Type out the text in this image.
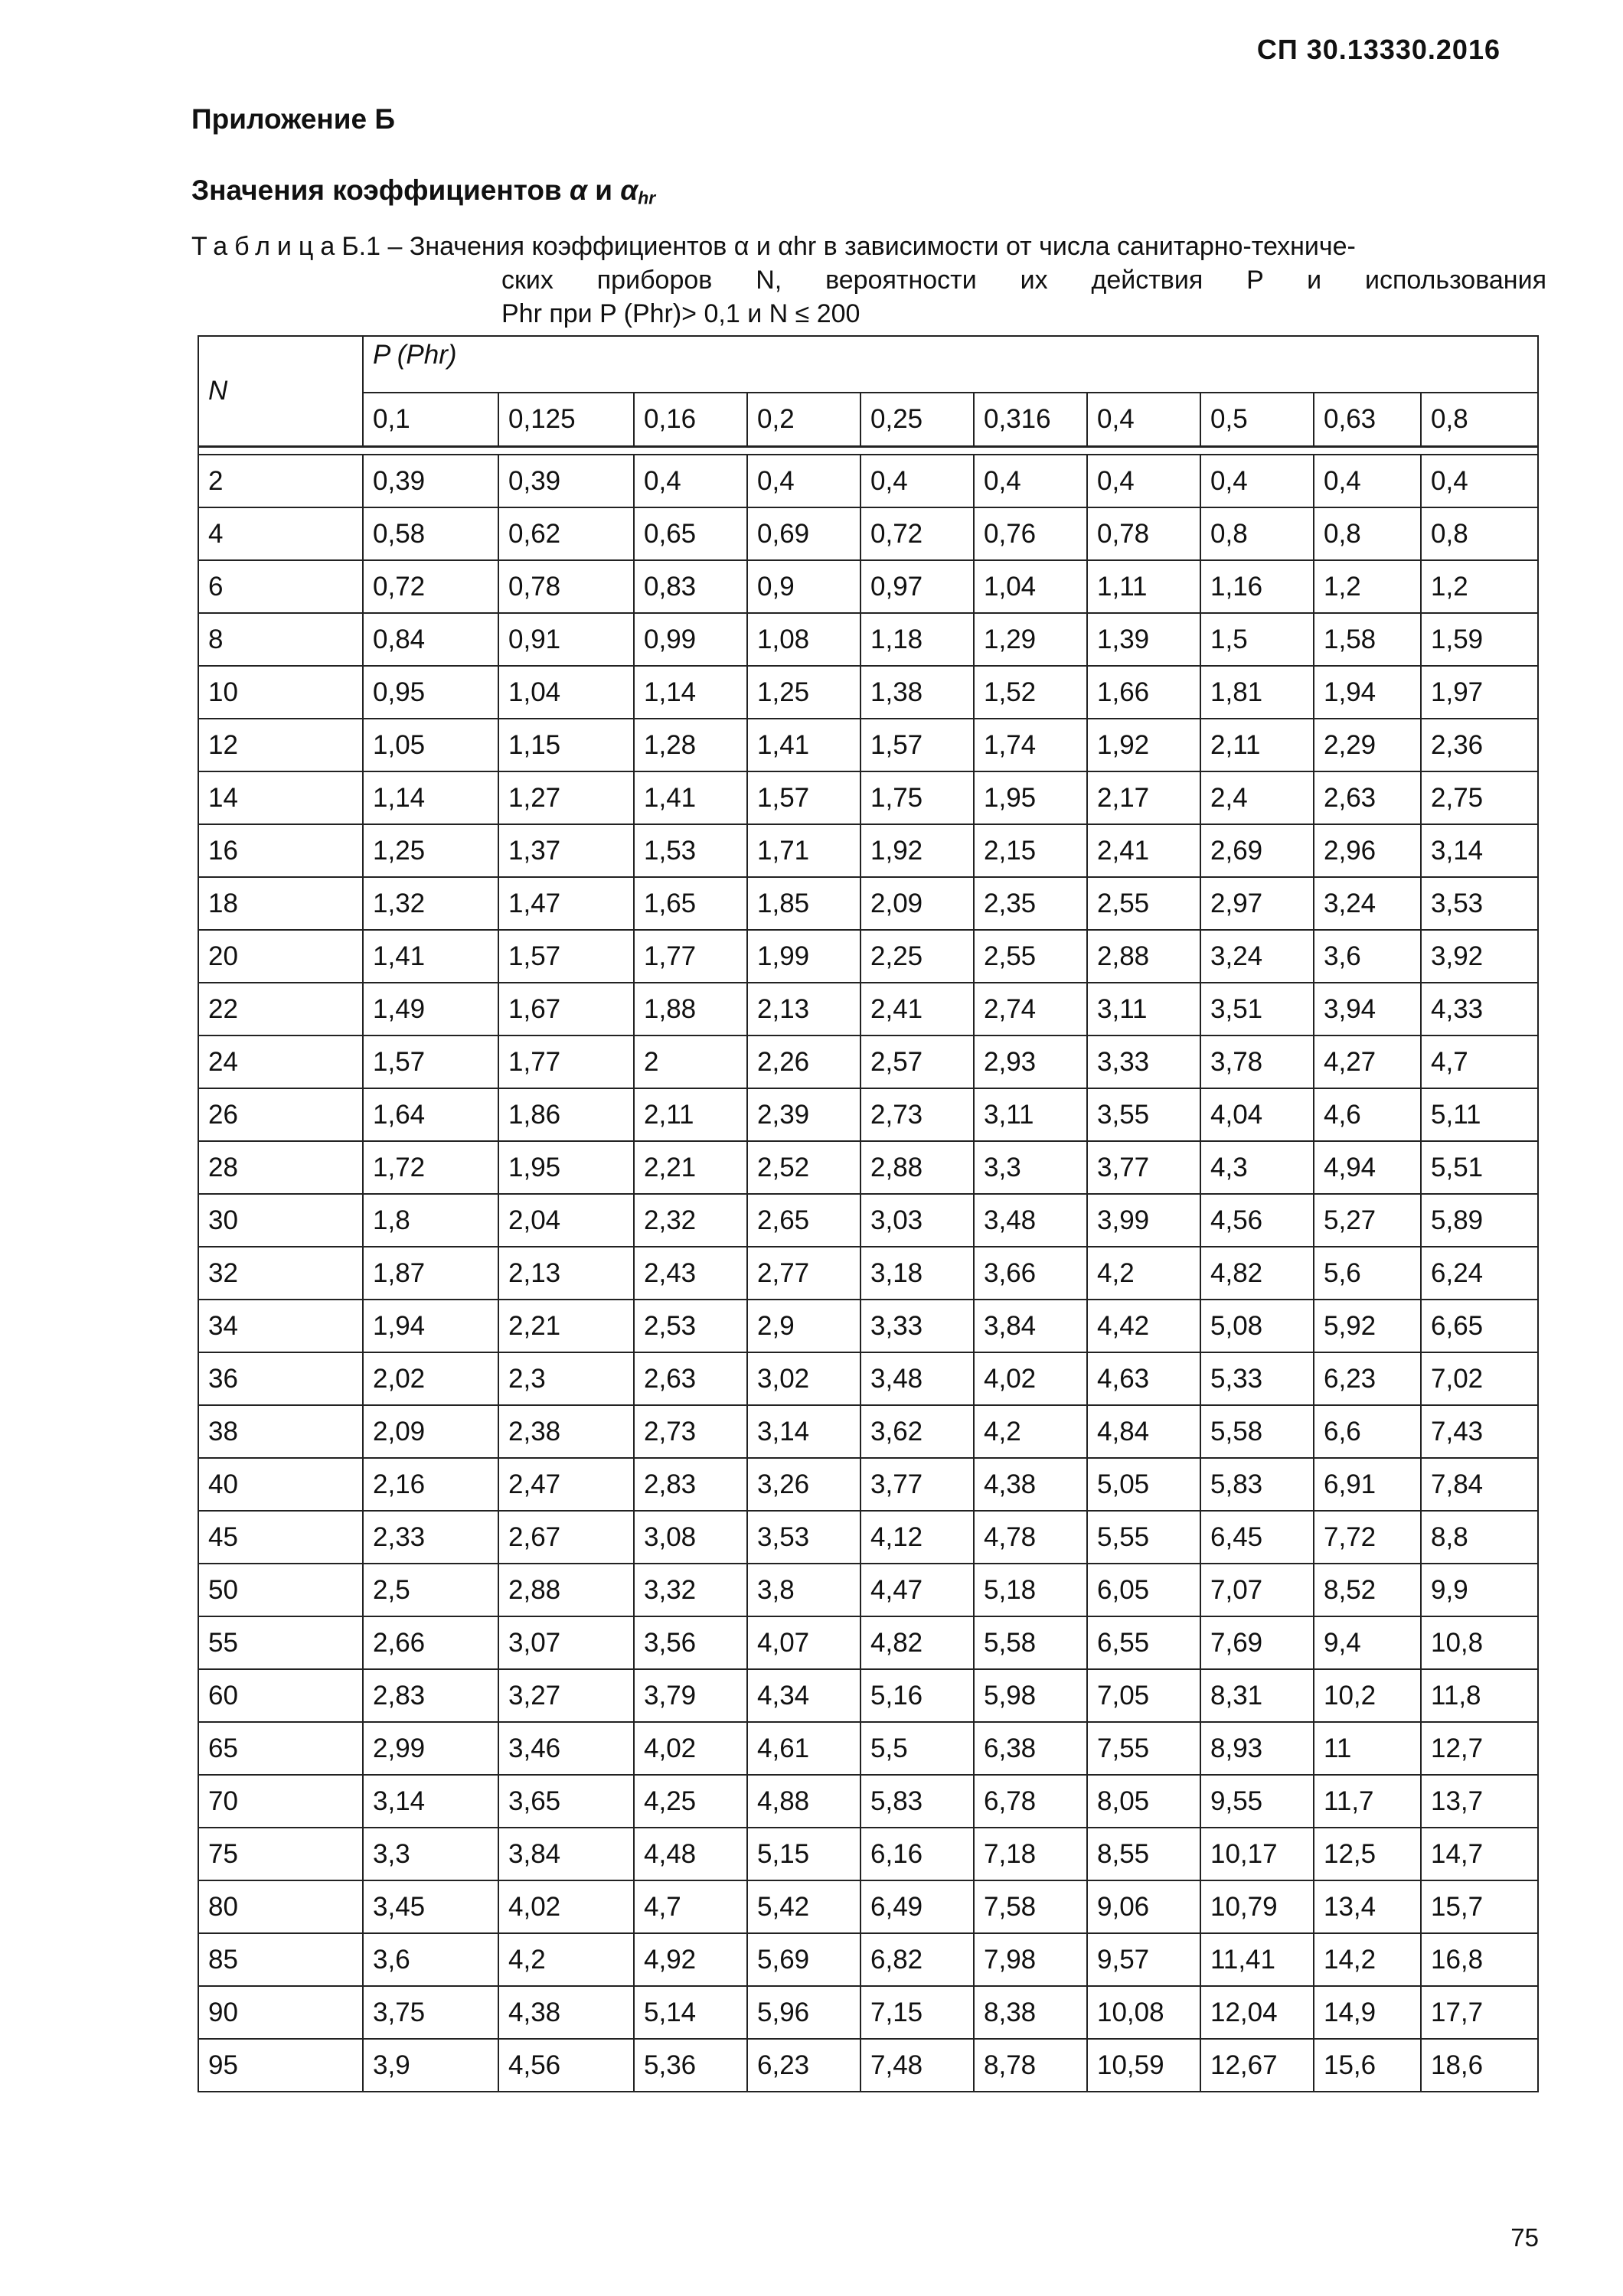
СП 30.13330.2016
Приложение Б
Значения коэффициентов α и $\alpha_{hr}$
ТаблицаБ.1 – Значения коэффициентов α и αhr в зависимости от числа санитарно-техниче-
ских приборов N, вероятности их действия P и использования
Phr при P (Phr)> 0,1 и N ≤ 200
N	P (Phr)									
	0,1	0,125	0,16	0,2	0,25	0,316	0,4	0,5	0,63	0,8

2	0,39	0,39	0,4	0,4	0,4	0,4	0,4	0,4	0,4	0,4
4	0,58	0,62	0,65	0,69	0,72	0,76	0,78	0,8	0,8	0,8
6	0,72	0,78	0,83	0,9	0,97	1,04	1,11	1,16	1,2	1,2
8	0,84	0,91	0,99	1,08	1,18	1,29	1,39	1,5	1,58	1,59
10	0,95	1,04	1,14	1,25	1,38	1,52	1,66	1,81	1,94	1,97
12	1,05	1,15	1,28	1,41	1,57	1,74	1,92	2,11	2,29	2,36
14	1,14	1,27	1,41	1,57	1,75	1,95	2,17	2,4	2,63	2,75
16	1,25	1,37	1,53	1,71	1,92	2,15	2,41	2,69	2,96	3,14
18	1,32	1,47	1,65	1,85	2,09	2,35	2,55	2,97	3,24	3,53
20	1,41	1,57	1,77	1,99	2,25	2,55	2,88	3,24	3,6	3,92
22	1,49	1,67	1,88	2,13	2,41	2,74	3,11	3,51	3,94	4,33
24	1,57	1,77	2	2,26	2,57	2,93	3,33	3,78	4,27	4,7
26	1,64	1,86	2,11	2,39	2,73	3,11	3,55	4,04	4,6	5,11
28	1,72	1,95	2,21	2,52	2,88	3,3	3,77	4,3	4,94	5,51
30	1,8	2,04	2,32	2,65	3,03	3,48	3,99	4,56	5,27	5,89
32	1,87	2,13	2,43	2,77	3,18	3,66	4,2	4,82	5,6	6,24
34	1,94	2,21	2,53	2,9	3,33	3,84	4,42	5,08	5,92	6,65
36	2,02	2,3	2,63	3,02	3,48	4,02	4,63	5,33	6,23	7,02
38	2,09	2,38	2,73	3,14	3,62	4,2	4,84	5,58	6,6	7,43
40	2,16	2,47	2,83	3,26	3,77	4,38	5,05	5,83	6,91	7,84
45	2,33	2,67	3,08	3,53	4,12	4,78	5,55	6,45	7,72	8,8
50	2,5	2,88	3,32	3,8	4,47	5,18	6,05	7,07	8,52	9,9
55	2,66	3,07	3,56	4,07	4,82	5,58	6,55	7,69	9,4	10,8
60	2,83	3,27	3,79	4,34	5,16	5,98	7,05	8,31	10,2	11,8
65	2,99	3,46	4,02	4,61	5,5	6,38	7,55	8,93	11	12,7
70	3,14	3,65	4,25	4,88	5,83	6,78	8,05	9,55	11,7	13,7
75	3,3	3,84	4,48	5,15	6,16	7,18	8,55	10,17	12,5	14,7
80	3,45	4,02	4,7	5,42	6,49	7,58	9,06	10,79	13,4	15,7
85	3,6	4,2	4,92	5,69	6,82	7,98	9,57	11,41	14,2	16,8
90	3,75	4,38	5,14	5,96	7,15	8,38	10,08	12,04	14,9	17,7
95	3,9	4,56	5,36	6,23	7,48	8,78	10,59	12,67	15,6	18,6
75
